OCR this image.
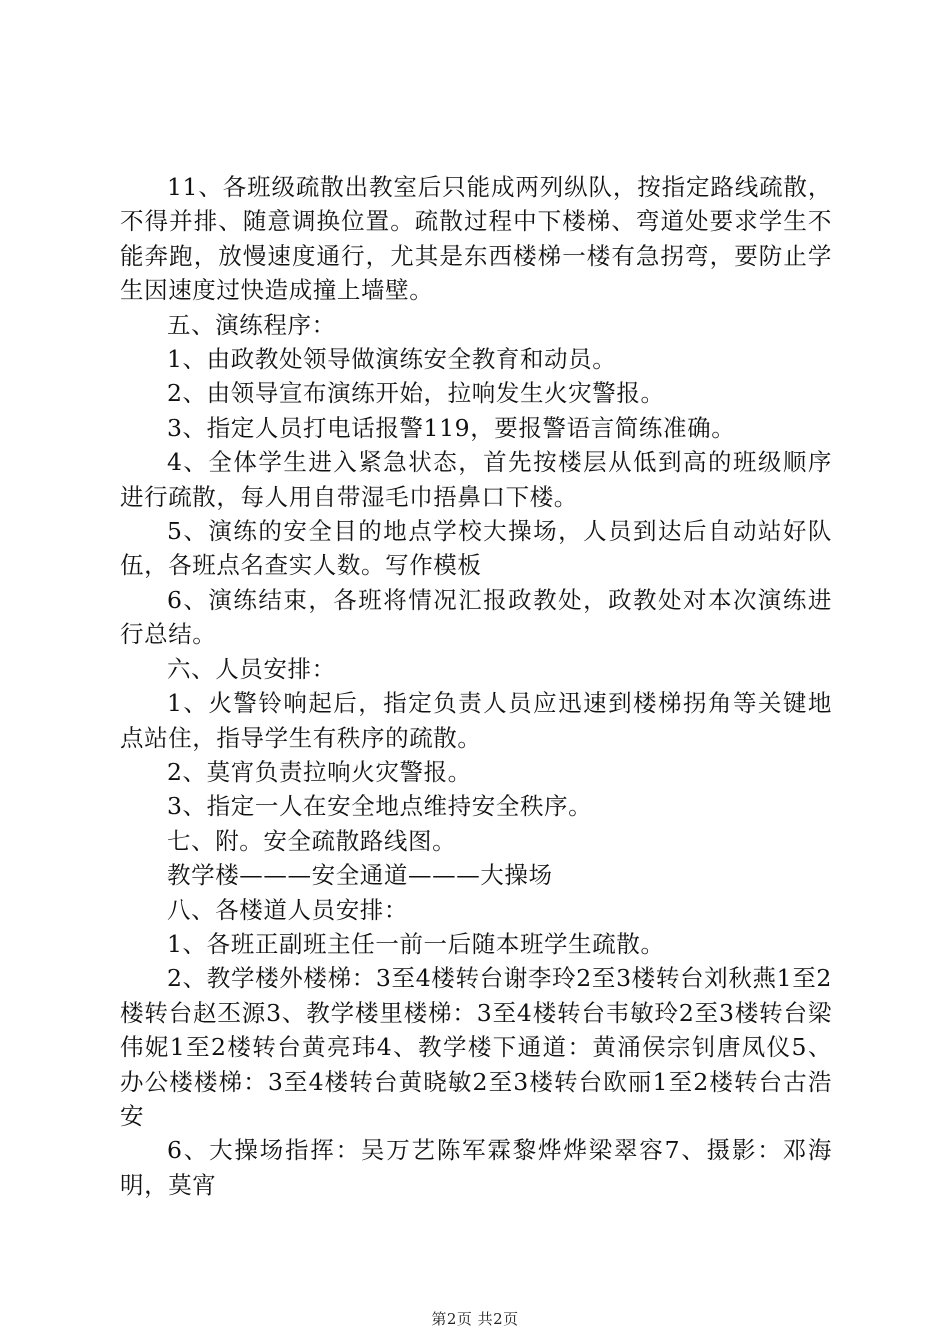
11、各班级疏散出教室后只能成两列纵队，按指定路线疏散，不得并排、随意调换位置。疏散过程中下楼梯、弯道处要求学生不能奔跑，放慢速度通行，尤其是东西楼梯一楼有急拐弯，要防止学生因速度过快造成撞上墙壁。

五、演练程序：

1、由政教处领导做演练安全教育和动员。

2、由领导宣布演练开始，拉响发生火灾警报。

3、指定人员打电话报警119，要报警语言简练准确。

4、全体学生进入紧急状态，首先按楼层从低到高的班级顺序进行疏散，每人用自带湿毛巾捂鼻口下楼。

5、演练的安全目的地点学校大操场，人员到达后自动站好队伍，各班点名查实人数。写作模板

6、演练结束，各班将情况汇报政教处，政教处对本次演练进行总结。

六、人员安排：

1、火警铃响起后，指定负责人员应迅速到楼梯拐角等关键地点站住，指导学生有秩序的疏散。

2、莫宵负责拉响火灾警报。

3、指定一人在安全地点维持安全秩序。

七、附。安全疏散路线图。

教学楼———安全通道———大操场

八、各楼道人员安排：

1、各班正副班主任一前一后随本班学生疏散。

2、教学楼外楼梯：3至4楼转台谢李玲2至3楼转台刘秋燕1至2楼转台赵丕源3、教学楼里楼梯：3至4楼转台韦敏玲2至3楼转台梁伟妮1至2楼转台黄亮玮4、教学楼下通道：黄涌侯宗钊唐凤仪5、办公楼楼梯：3至4楼转台黄晓敏2至3楼转台欧丽1至2楼转台古浩安

6、大操场指挥：吴万艺陈军霖黎烨烨梁翠容7、摄影：邓海明，莫宵

第2页 共2页
